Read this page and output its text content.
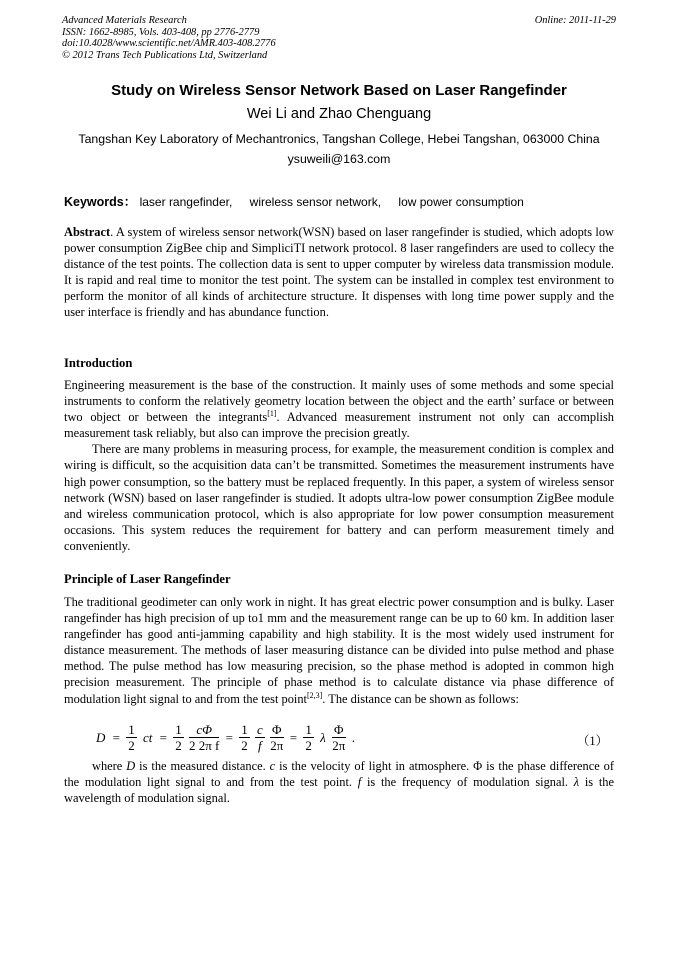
Advanced Materials Research
ISSN: 1662-8985, Vols. 403-408, pp 2776-2779
doi:10.4028/www.scientific.net/AMR.403-408.2776
© 2012 Trans Tech Publications Ltd, Switzerland
Online: 2011-11-29
Study on Wireless Sensor Network Based on Laser Rangefinder
Wei Li and Zhao Chenguang
Tangshan Key Laboratory of Mechantronics, Tangshan College, Hebei Tangshan, 063000 China
ysuweili@163.com
Keywords： laser rangefinder, wireless sensor network, low power consumption

Abstract. A system of wireless sensor network(WSN) based on laser rangefinder is studied, which adopts low power consumption ZigBee chip and SimpliciTI network protocol. 8 laser rangefinders are used to collecy the distance of the test points. The collection data is sent to upper computer by wireless data transmission module. It is rapid and real time to monitor the test point. The system can be installed in complex test environment to perform the monitor of all kinds of architecture structure. It dispenses with long time power supply and the user interface is friendly and has abundance function.

Introduction

Engineering measurement is the base of the construction. It mainly uses of some methods and some special instruments to conform the relatively geometry location between the object and the earth’ surface or between two object or between the integrants[1]. Advanced measurement instrument not only can accomplish measurement task reliably, but also can improve the precision greatly.

There are many problems in measuring process, for example, the measurement condition is complex and wiring is difficult, so the acquisition data can’t be transmitted. Sometimes the measurement instruments have high power consumption, so the battery must be replaced frequently. In this paper, a system of wireless sensor network (WSN) based on laser rangefinder is studied. It adopts ultra-low power consumption ZigBee module and wireless communication protocol, which is also appropriate for low power consumption measurement occasions. This system reduces the requirement for battery and can perform measurement timely and conveniently.

Principle of Laser Rangefinder

The traditional geodimeter can only work in night. It has great electric power consumption and is bulky. Laser rangefinder has high precision of up to1 mm and the measurement range can be up to 60 km. In addition laser rangefinder has good anti-jamming capability and high stability. It is the most widely used instrument for distance measurement. The methods of laser measuring distance can be divided into pulse method and phase method. The pulse method has low measuring precision, so the phase method is adopted in common high precision measurement. The principle of phase method is to calculate distance via phase difference of modulation light signal to and from the test point[2,3]. The distance can be shown as follows:

$D = \frac{1}{2}$ ct = $\frac{1}{2}$
$\frac{c\Phi}{\text{2 2π f}} = \frac{1}{2}$
$\frac{c}{f}$
$\frac{\Phi}{2\pi} = \frac{1}{2}$ λ $\frac{\Phi}{2\pi}$ .	（1）

where D is the measured distance. c is the velocity of light in atmosphere. Φ is the phase difference of the modulation light signal to and from the test point. f is the frequency of modulation signal. λ is the wavelength of modulation signal.
